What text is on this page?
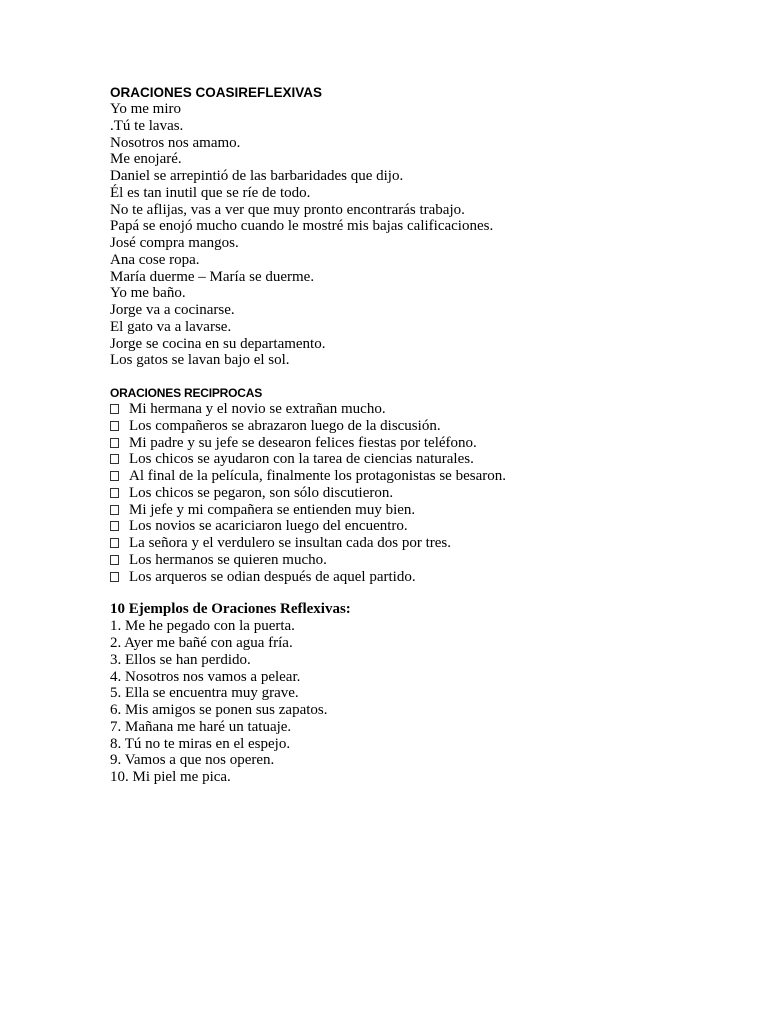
ORACIONES COASIREFLEXIVAS
Yo me miro
.Tú te lavas.
Nosotros nos amamo.
Me enojaré.
Daniel se arrepintió de las barbaridades que dijo.
Él es tan inutil que se ríe de todo.
No te aflijas, vas a ver que muy pronto encontrarás trabajo.
Papá se enojó mucho cuando le mostré mis bajas calificaciones.
José compra mangos.
Ana cose ropa.
María duerme – María se duerme.
Yo me baño.
Jorge va a cocinarse.
El gato va a lavarse.
Jorge se cocina en su departamento.
Los gatos se lavan bajo el sol.
ORACIONES RECIPROCAS
Mi hermana y el novio se extrañan mucho.
Los compañeros se abrazaron luego de la discusión.
Mi padre y su jefe se desearon felices fiestas por teléfono.
Los chicos se ayudaron con la tarea de ciencias naturales.
Al final de la película, finalmente los protagonistas se besaron.
Los chicos se pegaron, son sólo discutieron.
Mi jefe y mi compañera se entienden muy bien.
Los novios se acariciaron luego del encuentro.
La señora y el verdulero se insultan cada dos por tres.
Los hermanos se quieren mucho.
Los arqueros se odian después de aquel partido.
10 Ejemplos de Oraciones Reflexivas:
1. Me he pegado con la puerta.
2. Ayer me bañé con agua fría.
3. Ellos se han perdido.
4. Nosotros nos vamos a pelear.
5. Ella se encuentra muy grave.
6. Mis amigos se ponen sus zapatos.
7. Mañana me haré un tatuaje.
8. Tú no te miras en el espejo.
9. Vamos a que nos operen.
10. Mi piel me pica.
